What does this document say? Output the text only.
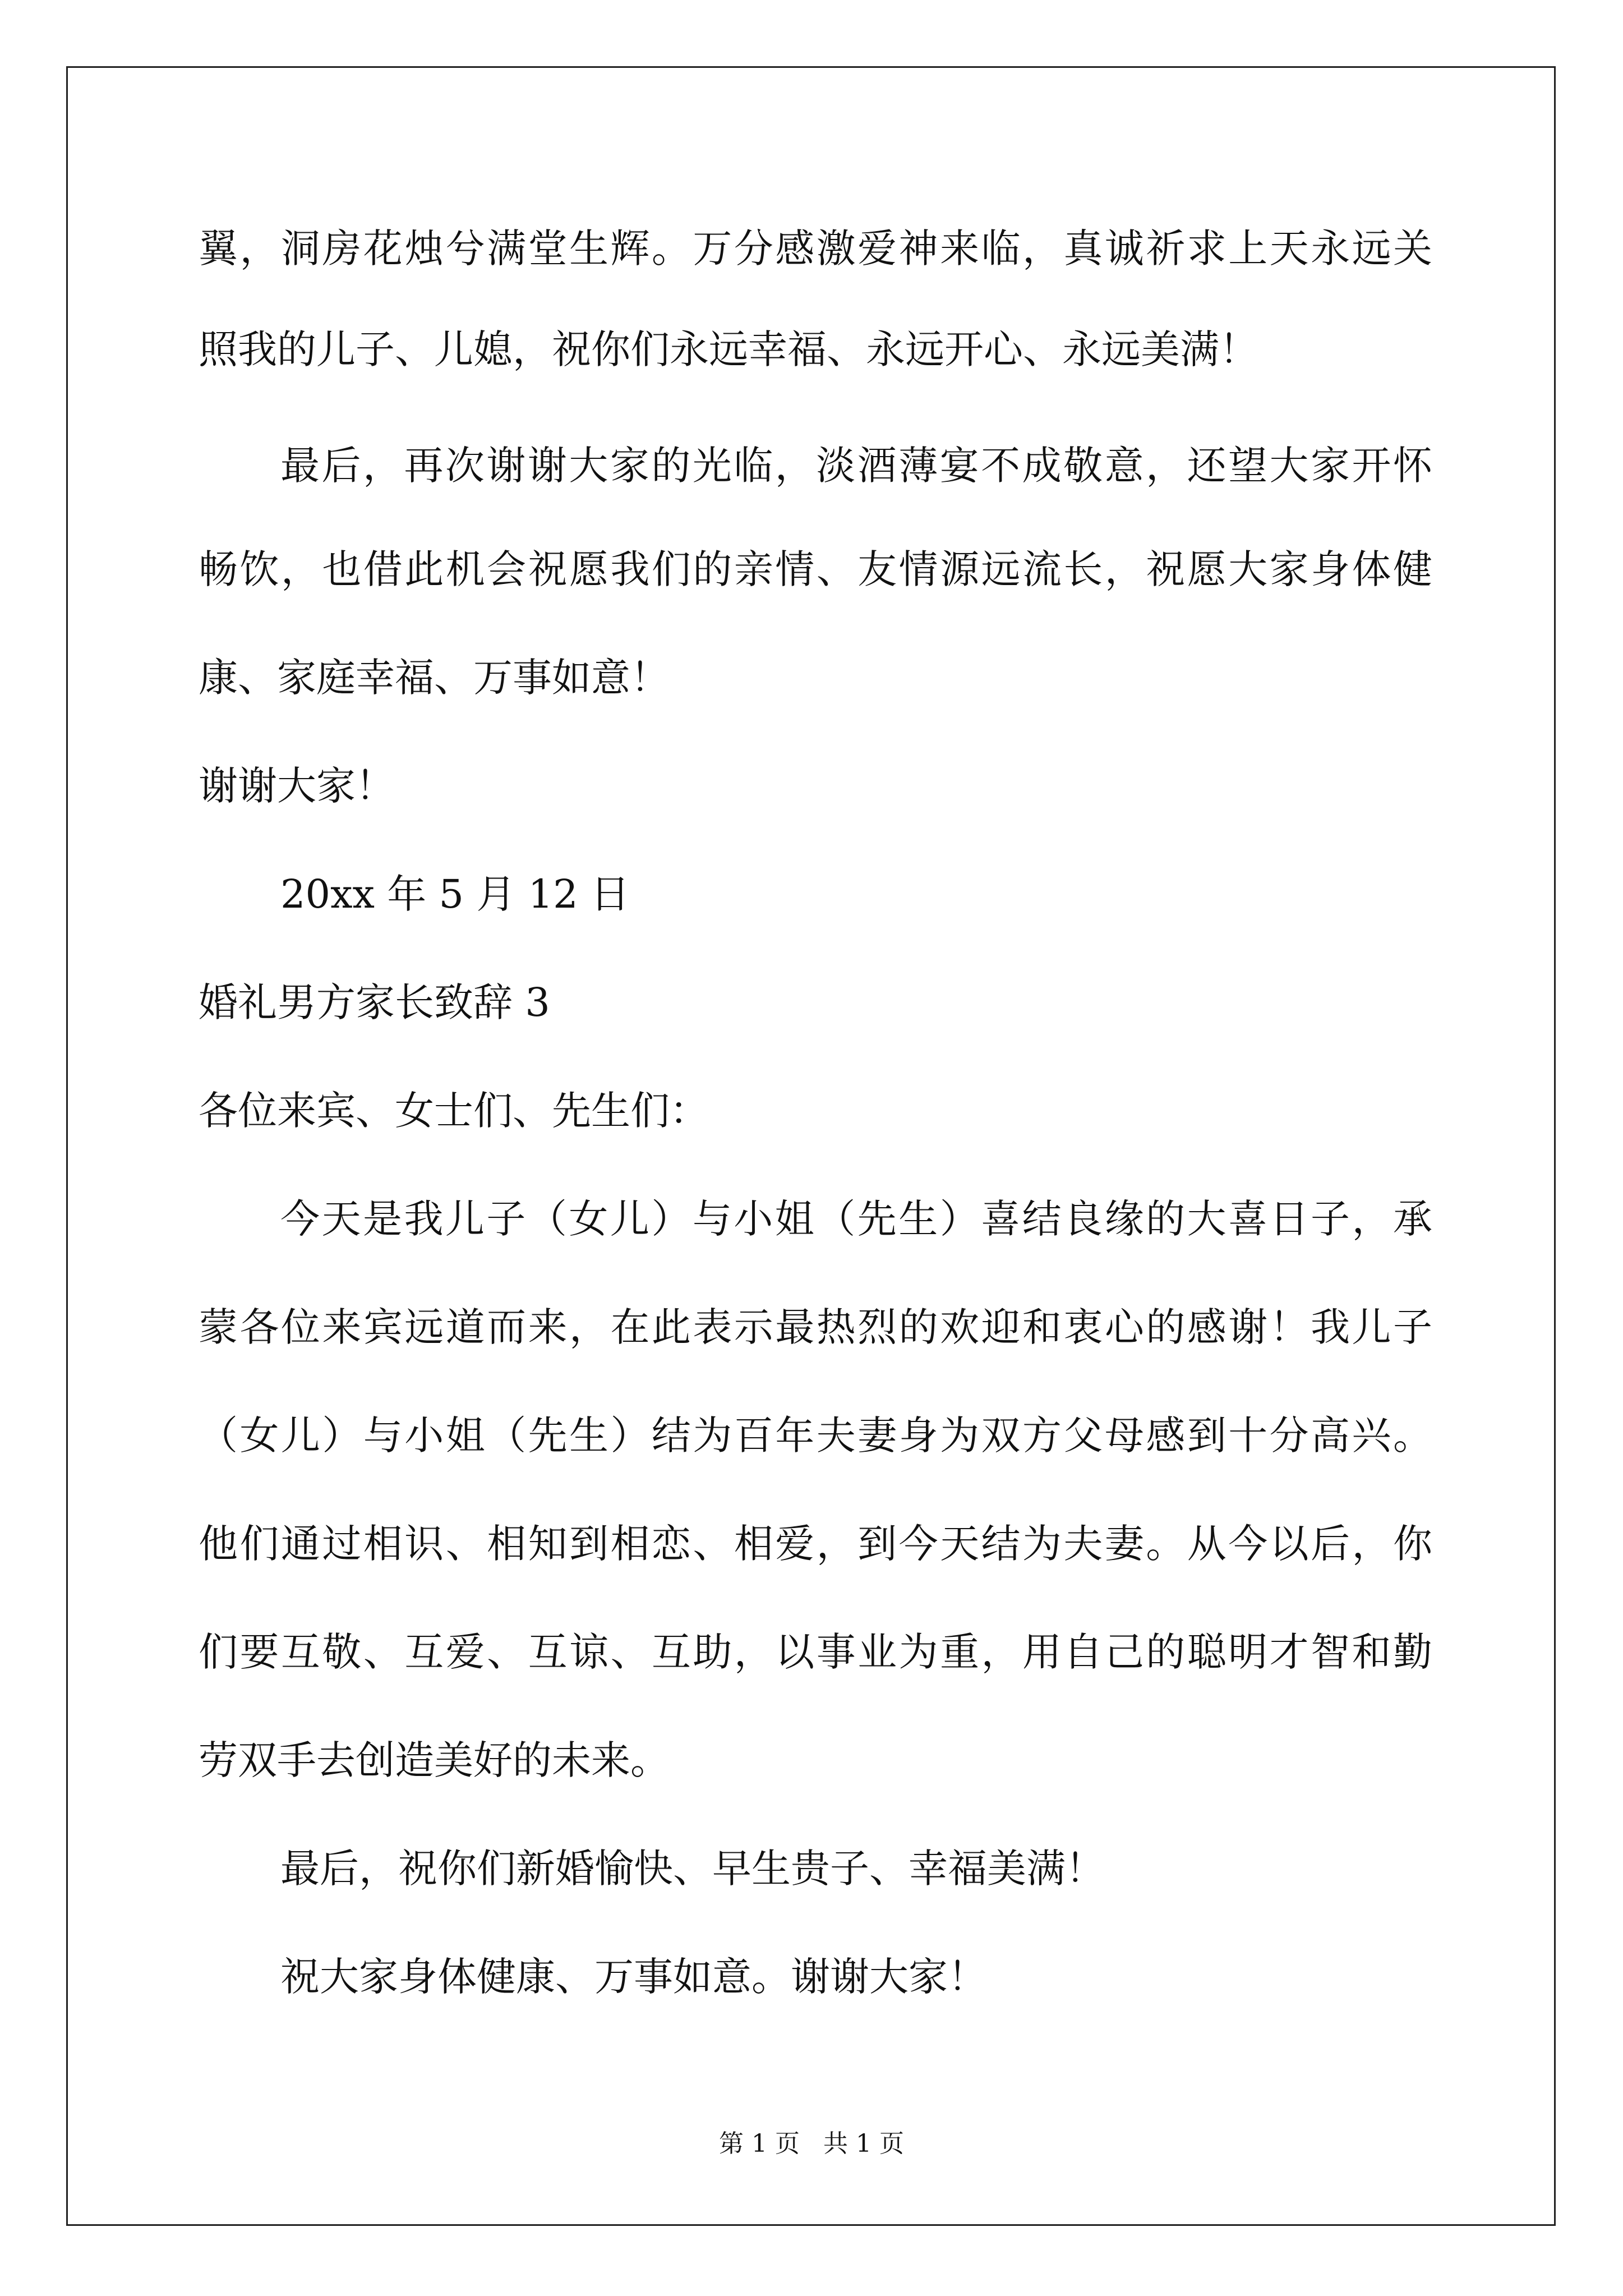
翼，洞房花烛兮满堂生辉。万分感激爱神来临，真诚祈求上天永远关
照我的儿子、儿媳，祝你们永远幸福、永远开心、永远美满！
最后，再次谢谢大家的光临，淡酒薄宴不成敬意，还望大家开怀
畅饮，也借此机会祝愿我们的亲情、友情源远流长，祝愿大家身体健
康、家庭幸福、万事如意！
谢谢大家！
20xx 年 5 月 12 日
婚礼男方家长致辞 3
各位来宾、女士们、先生们：
今天是我儿子（女儿）与小姐（先生）喜结良缘的大喜日子，承
蒙各位来宾远道而来，在此表示最热烈的欢迎和衷心的感谢！我儿子
（女儿）与小姐（先生）结为百年夫妻身为双方父母感到十分高兴。
他们通过相识、相知到相恋、相爱，到今天结为夫妻。从今以后，你
们要互敬、互爱、互谅、互助，以事业为重，用自己的聪明才智和勤
劳双手去创造美好的未来。
最后，祝你们新婚愉快、早生贵子、幸福美满！
祝大家身体健康、万事如意。谢谢大家！
第 1 页   共 1 页
